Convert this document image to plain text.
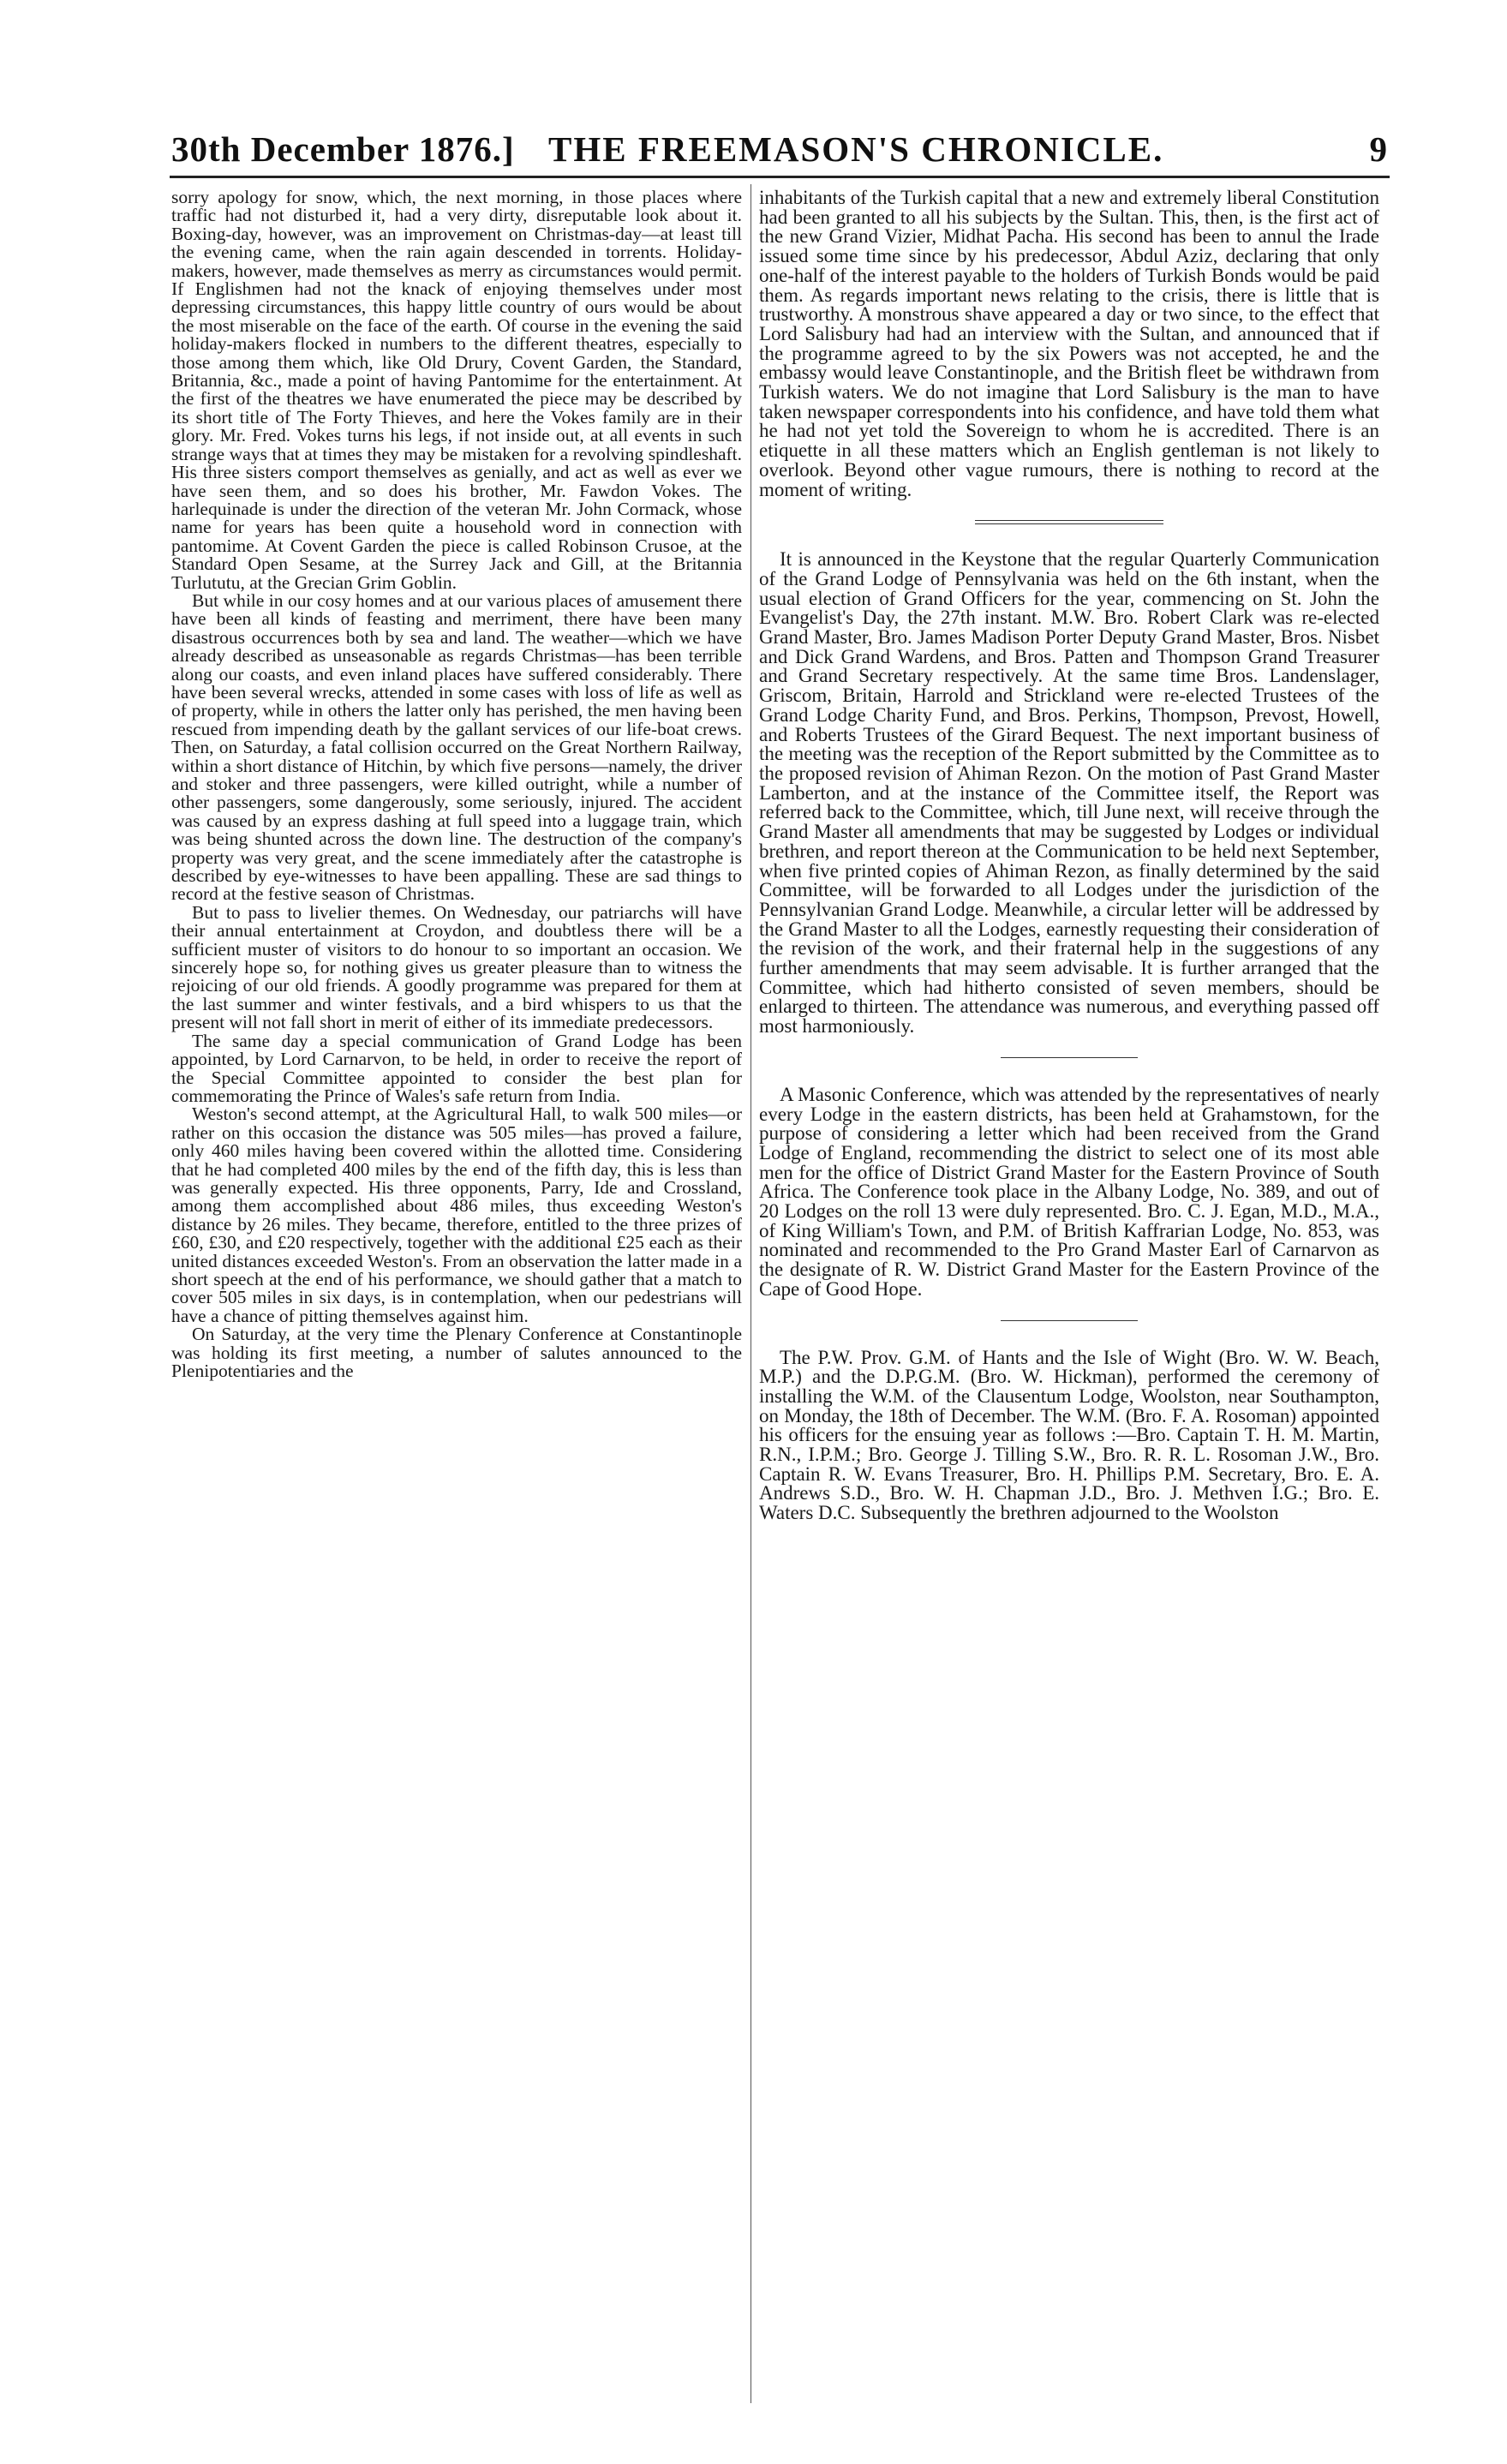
30th December 1876.] THE FREEMASON'S CHRONICLE.	9

sorry apology for snow, which, the next morning, in those places where traffic had not disturbed it, had a very dirty, disreputable look about it. Boxing-day, however, was an improvement on Christmas-day—at least till the evening came, when the rain again descended in torrents. Holiday-makers, however, made themselves as merry as circumstances would permit. If Englishmen had not the knack of enjoying themselves under most depressing circumstances, this happy little country of ours would be about the most miserable on the face of the earth. Of course in the evening the said holiday-makers flocked in numbers to the different theatres, especially to those among them which, like Old Drury, Covent Garden, the Standard, Britannia, &c., made a point of having Pantomime for the entertainment. At the first of the theatres we have enumerated the piece may be described by its short title of The Forty Thieves, and here the Vokes family are in their glory. Mr. Fred. Vokes turns his legs, if not inside out, at all events in such strange ways that at times they may be mistaken for a revolving spindleshaft. His three sisters comport themselves as genially, and act as well as ever we have seen them, and so does his brother, Mr. Fawdon Vokes. The harlequinade is under the direction of the veteran Mr. John Cormack, whose name for years has been quite a household word in connection with pantomime. At Covent Garden the piece is called Robinson Crusoe, at the Standard Open Sesame, at the Surrey Jack and Gill, at the Britannia Turlututu, at the Grecian Grim Goblin.

But while in our cosy homes and at our various places of amusement there have been all kinds of feasting and merriment, there have been many disastrous occurrences both by sea and land. The weather—which we have already described as unseasonable as regards Christmas—has been terrible along our coasts, and even inland places have suffered considerably. There have been several wrecks, attended in some cases with loss of life as well as of property, while in others the latter only has perished, the men having been rescued from impending death by the gallant services of our life-boat crews. Then, on Saturday, a fatal collision occurred on the Great Northern Railway, within a short distance of Hitchin, by which five persons—namely, the driver and stoker and three passengers, were killed outright, while a number of other passengers, some dangerously, some seriously, injured. The accident was caused by an express dashing at full speed into a luggage train, which was being shunted across the down line. The destruction of the company's property was very great, and the scene immediately after the catastrophe is described by eye-witnesses to have been appalling. These are sad things to record at the festive season of Christmas.

But to pass to livelier themes. On Wednesday, our patriarchs will have their annual entertainment at Croydon, and doubtless there will be a sufficient muster of visitors to do honour to so important an occasion. We sincerely hope so, for nothing gives us greater pleasure than to witness the rejoicing of our old friends. A goodly programme was prepared for them at the last summer and winter festivals, and a bird whispers to us that the present will not fall short in merit of either of its immediate predecessors.

The same day a special communication of Grand Lodge has been appointed, by Lord Carnarvon, to be held, in order to receive the report of the Special Committee appointed to consider the best plan for commemorating the Prince of Wales's safe return from India.

Weston's second attempt, at the Agricultural Hall, to walk 500 miles—or rather on this occasion the distance was 505 miles—has proved a failure, only 460 miles having been covered within the allotted time. Considering that he had completed 400 miles by the end of the fifth day, this is less than was generally expected. His three opponents, Parry, Ide and Crossland, among them accomplished about 486 miles, thus exceeding Weston's distance by 26 miles. They became, therefore, entitled to the three prizes of £60, £30, and £20 respectively, together with the additional £25 each as their united distances exceeded Weston's. From an observation the latter made in a short speech at the end of his performance, we should gather that a match to cover 505 miles in six days, is in contemplation, when our pedestrians will have a chance of pitting themselves against him.

On Saturday, at the very time the Plenary Conference at Constantinople was holding its first meeting, a number of salutes announced to the Plenipotentiaries and the

inhabitants of the Turkish capital that a new and extremely liberal Constitution had been granted to all his subjects by the Sultan. This, then, is the first act of the new Grand Vizier, Midhat Pacha. His second has been to annul the Irade issued some time since by his predecessor, Abdul Aziz, declaring that only one-half of the interest payable to the holders of Turkish Bonds would be paid them. As regards important news relating to the crisis, there is little that is trustworthy. A monstrous shave appeared a day or two since, to the effect that Lord Salisbury had had an interview with the Sultan, and announced that if the programme agreed to by the six Powers was not accepted, he and the embassy would leave Constantinople, and the British fleet be withdrawn from Turkish waters. We do not imagine that Lord Salisbury is the man to have taken newspaper correspondents into his confidence, and have told them what he had not yet told the Sovereign to whom he is accredited. There is an etiquette in all these matters which an English gentleman is not likely to overlook. Beyond other vague rumours, there is nothing to record at the moment of writing.

It is announced in the Keystone that the regular Quarterly Communication of the Grand Lodge of Pennsylvania was held on the 6th instant, when the usual election of Grand Officers for the year, commencing on St. John the Evangelist's Day, the 27th instant. M.W. Bro. Robert Clark was re-elected Grand Master, Bro. James Madison Porter Deputy Grand Master, Bros. Nisbet and Dick Grand Wardens, and Bros. Patten and Thompson Grand Treasurer and Grand Secretary respectively. At the same time Bros. Landenslager, Griscom, Britain, Harrold and Strickland were re-elected Trustees of the Grand Lodge Charity Fund, and Bros. Perkins, Thompson, Prevost, Howell, and Roberts Trustees of the Girard Bequest. The next important business of the meeting was the reception of the Report submitted by the Committee as to the proposed revision of Ahiman Rezon. On the motion of Past Grand Master Lamberton, and at the instance of the Committee itself, the Report was referred back to the Committee, which, till June next, will receive through the Grand Master all amendments that may be suggested by Lodges or individual brethren, and report thereon at the Communication to be held next September, when five printed copies of Ahiman Rezon, as finally determined by the said Committee, will be forwarded to all Lodges under the jurisdiction of the Pennsylvanian Grand Lodge. Meanwhile, a circular letter will be addressed by the Grand Master to all the Lodges, earnestly requesting their consideration of the revision of the work, and their fraternal help in the suggestions of any further amendments that may seem advisable. It is further arranged that the Committee, which had hitherto consisted of seven members, should be enlarged to thirteen. The attendance was numerous, and everything passed off most harmoniously.

A Masonic Conference, which was attended by the representatives of nearly every Lodge in the eastern districts, has been held at Grahamstown, for the purpose of considering a letter which had been received from the Grand Lodge of England, recommending the district to select one of its most able men for the office of District Grand Master for the Eastern Province of South Africa. The Conference took place in the Albany Lodge, No. 389, and out of 20 Lodges on the roll 13 were duly represented. Bro. C. J. Egan, M.D., M.A., of King William's Town, and P.M. of British Kaffrarian Lodge, No. 853, was nominated and recommended to the Pro Grand Master Earl of Carnarvon as the designate of R. W. District Grand Master for the Eastern Province of the Cape of Good Hope.

The P.W. Prov. G.M. of Hants and the Isle of Wight (Bro. W. W. Beach, M.P.) and the D.P.G.M. (Bro. W. Hickman), performed the ceremony of installing the W.M. of the Clausentum Lodge, Woolston, near Southampton, on Monday, the 18th of December. The W.M. (Bro. F. A. Rosoman) appointed his officers for the ensuing year as follows :—Bro. Captain T. H. M. Martin, R.N., I.P.M.; Bro. George J. Tilling S.W., Bro. R. R. L. Rosoman J.W., Bro. Captain R. W. Evans Treasurer, Bro. H. Phillips P.M. Secretary, Bro. E. A. Andrews S.D., Bro. W. H. Chapman J.D., Bro. J. Methven I.G.; Bro. E. Waters D.C. Subsequently the brethren adjourned to the Woolston
